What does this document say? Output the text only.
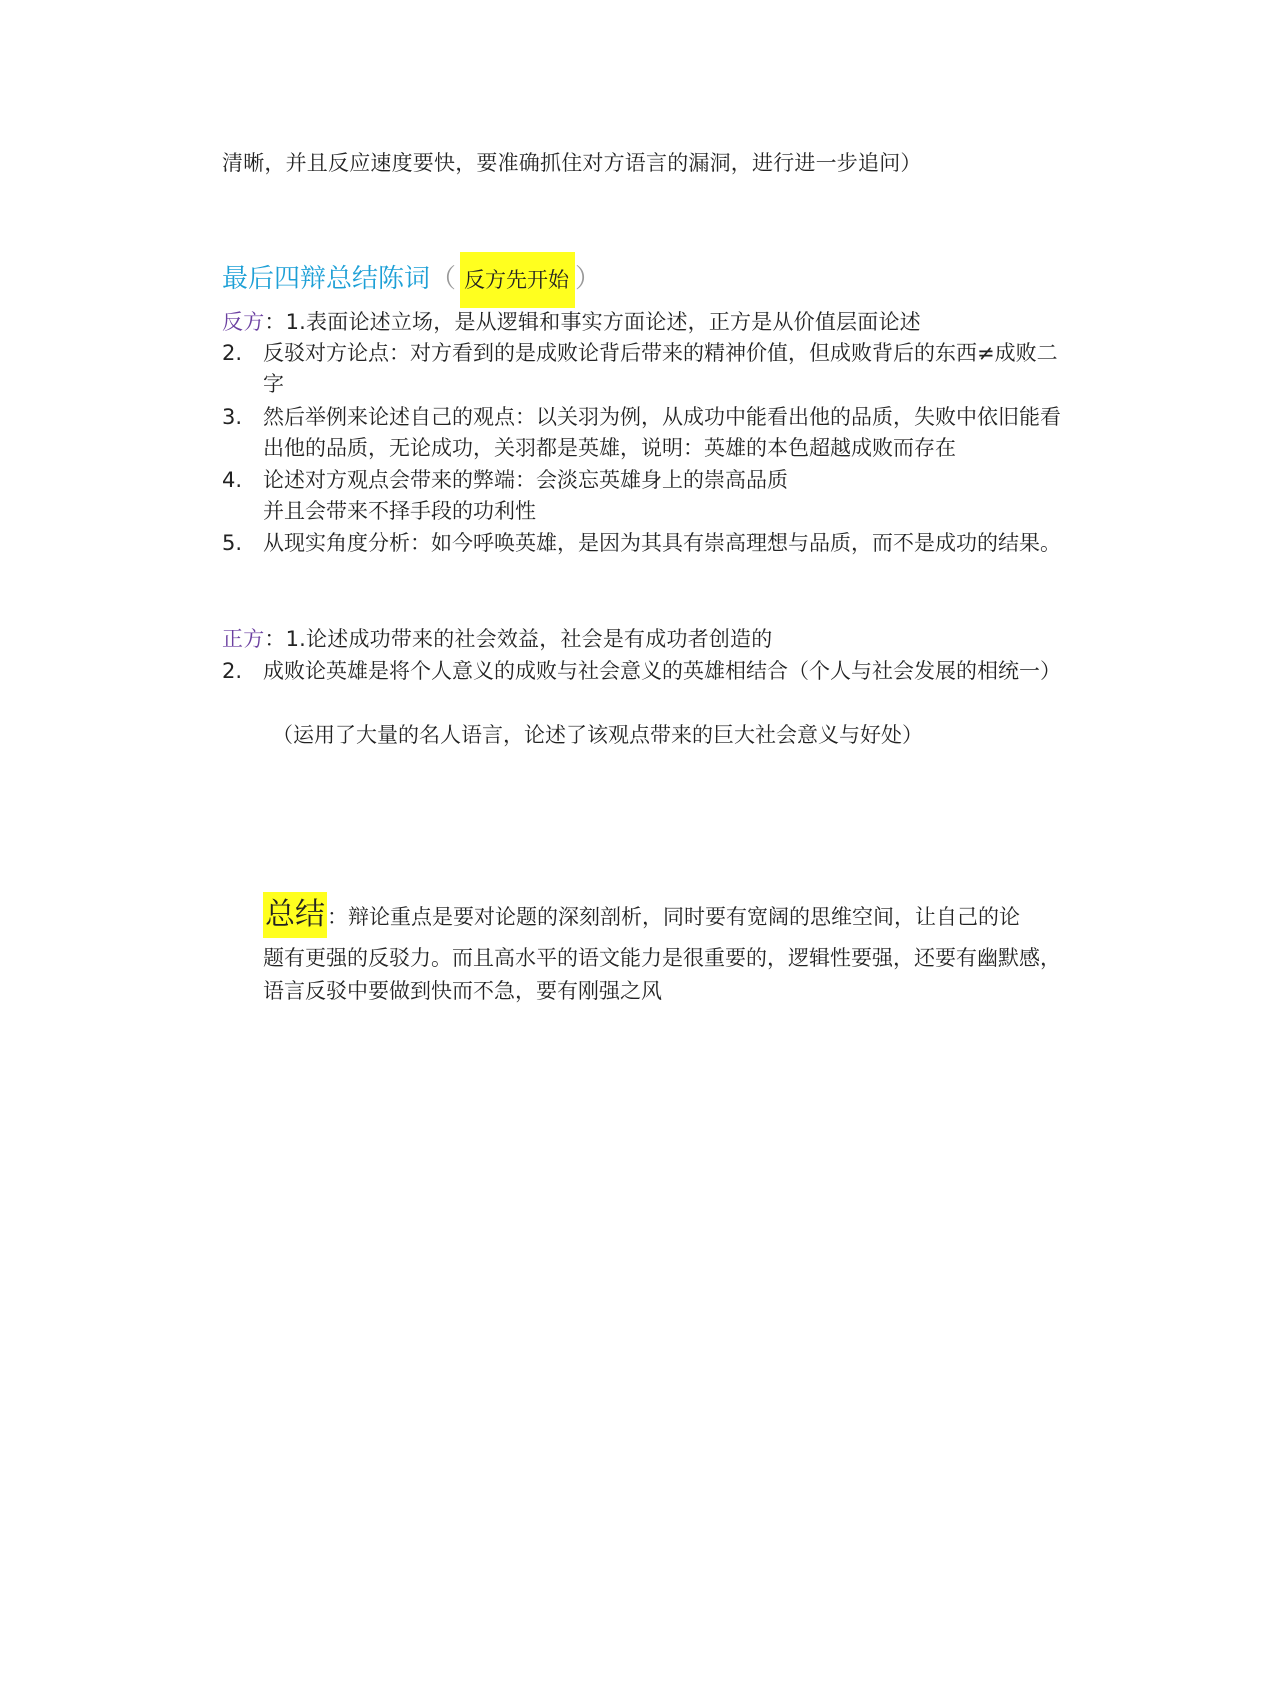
清晰，并且反应速度要快，要准确抓住对方语言的漏洞，进行进一步追问）
最后四辩总结陈词（ 反方先开始 ）
反方：1.表面论述立场，是从逻辑和事实方面论述，正方是从价值层面论述
2. 反驳对方论点：对方看到的是成败论背后带来的精神价值，但成败背后的东西≠成败二字
3. 然后举例来论述自己的观点：以关羽为例，从成功中能看出他的品质，失败中依旧能看出他的品质，无论成功，关羽都是英雄，说明：英雄的本色超越成败而存在
4. 论述对方观点会带来的弊端：会淡忘英雄身上的崇高品质
并且会带来不择手段的功利性
5. 从现实角度分析：如今呼唤英雄，是因为其具有崇高理想与品质，而不是成功的结果。
正方：1.论述成功带来的社会效益，社会是有成功者创造的
2. 成败论英雄是将个人意义的成败与社会意义的英雄相结合（个人与社会发展的相统一）
（运用了大量的名人语言，论述了该观点带来的巨大社会意义与好处）
总结：辩论重点是要对论题的深刻剖析，同时要有宽阔的思维空间，让自己的论
题有更强的反驳力。而且高水平的语文能力是很重要的，逻辑性要强，还要有幽默感，语言反驳中要做到快而不急，要有刚强之风
